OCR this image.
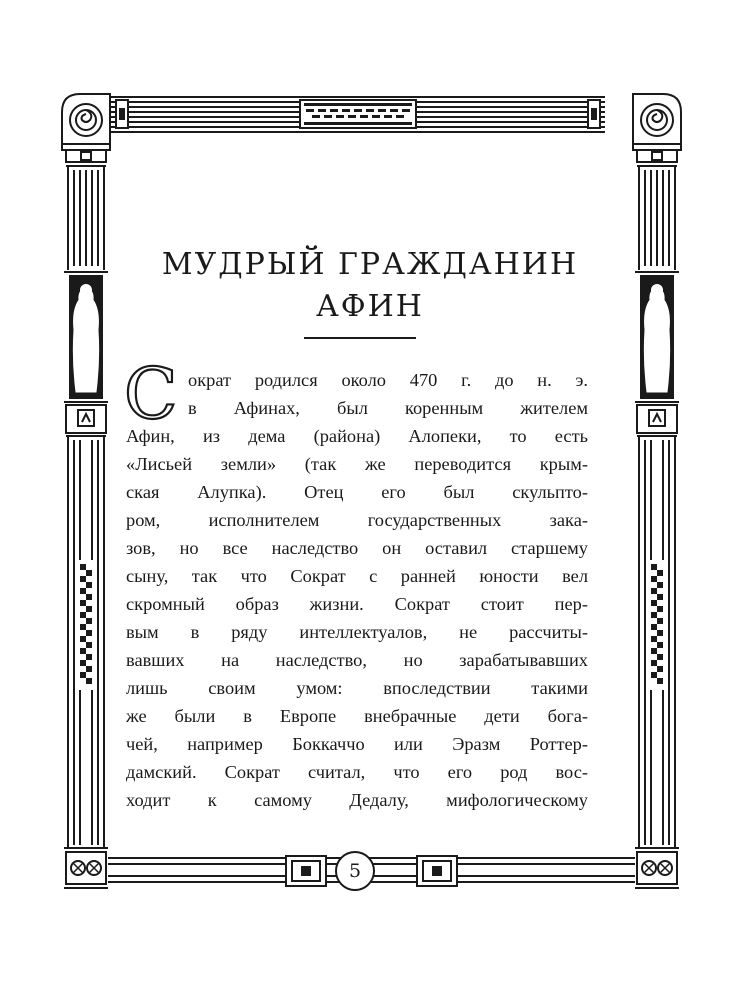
МУДРЫЙ ГРАЖДАНИН
АФИН
С ократ родился около 470 г. до н. э.
в Афинах, был коренным жителем
Афин, из дема (района) Алопеки, то есть
«Лисьей земли» (так же переводится крым-
ская Алупка). Отец его был скульпто-
ром, исполнителем государственных зака-
зов, но все наследство он оставил старшему
сыну, так что Сократ с ранней юности вел
скромный образ жизни. Сократ стоит пер-
вым в ряду интеллектуалов, не рассчиты-
вавших на наследство, но зарабатывавших
лишь своим умом: впоследствии такими
же были в Европе внебрачные дети бога-
чей, например Боккаччо или Эразм Роттер-
дамский. Сократ считал, что его род вос-
ходит к самому Дедалу, мифологическому
5
